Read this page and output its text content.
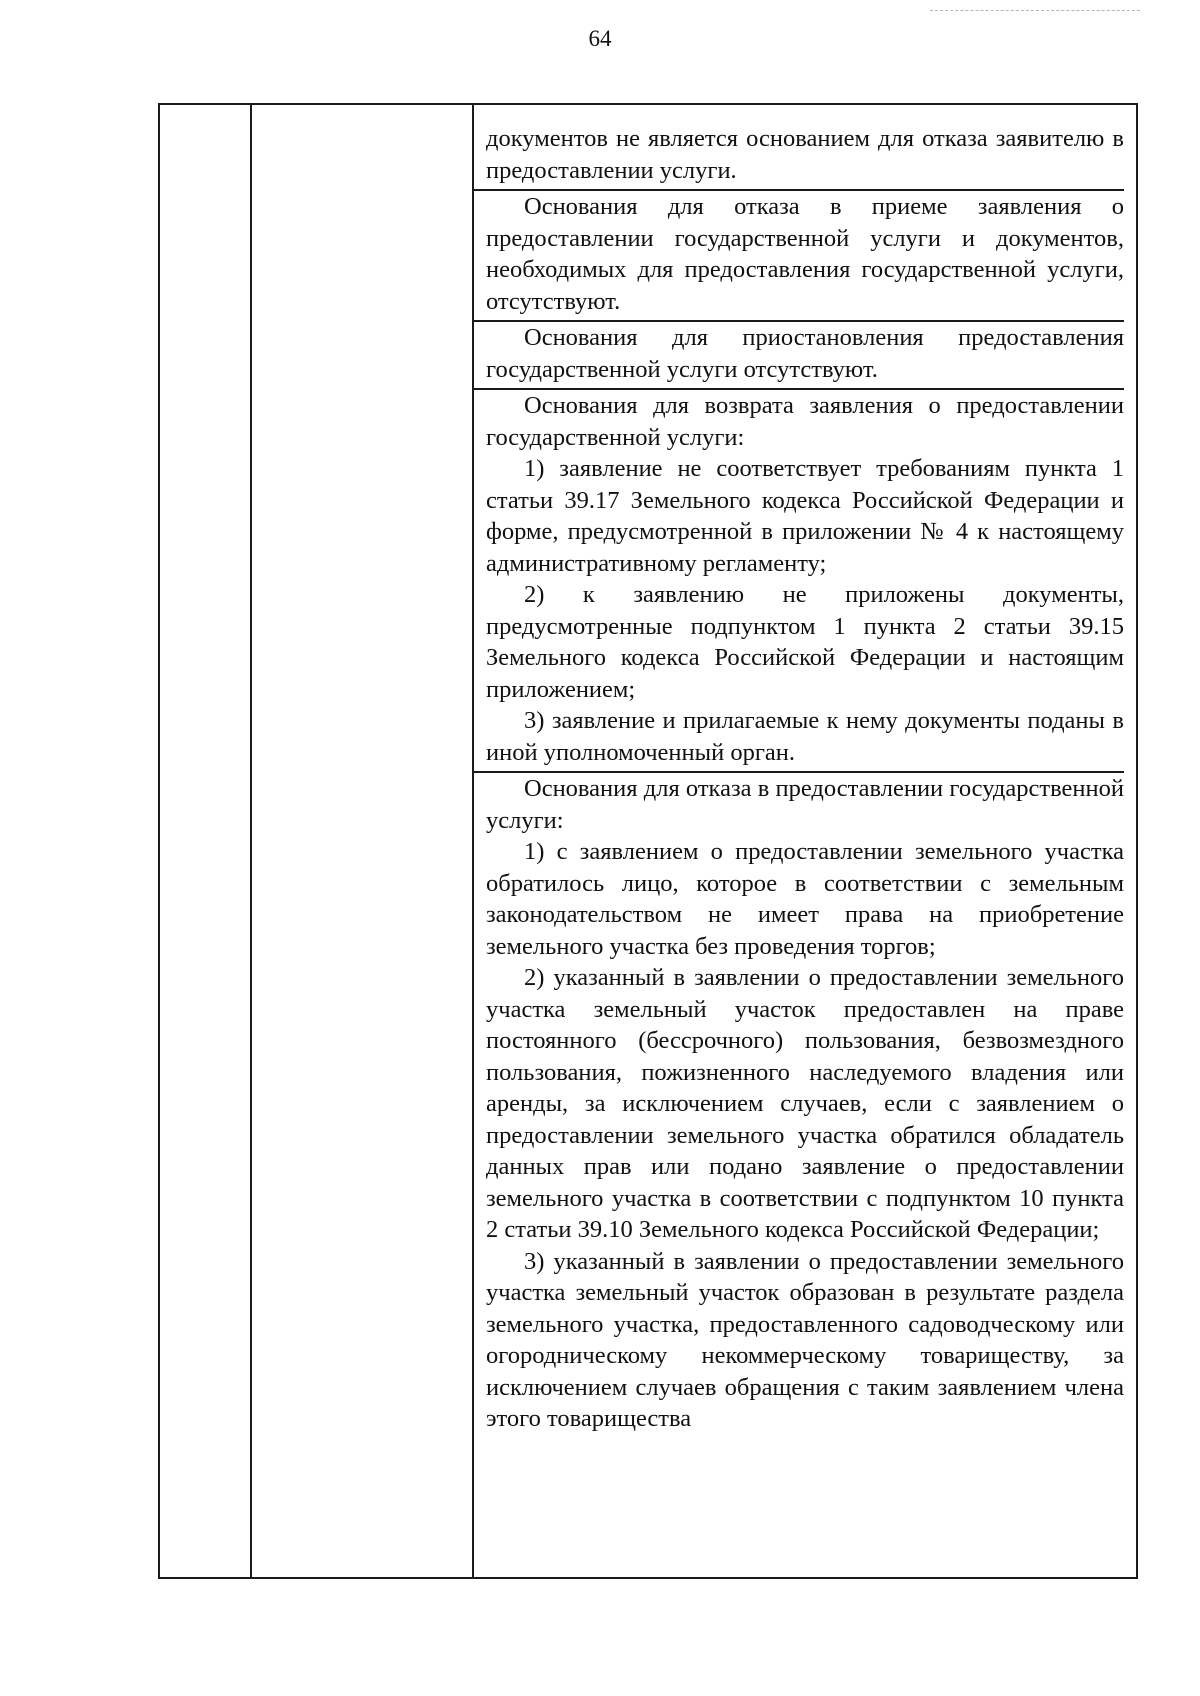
64

документов не является основанием для отказа заявителю в предоставлении услуги.

Основания для отказа в приеме заявления о предоставлении государственной услуги и документов, необходимых для предоставления государственной услуги, отсутствуют.

Основания для приостановления предоставления государственной услуги отсутствуют.

Основания для возврата заявления о предоставлении государственной услуги:

1) заявление не соответствует требованиям пункта 1 статьи 39.17 Земельного кодекса Российской Федерации и форме, предусмотренной в приложении № 4 к настоящему административному регламенту;

2) к заявлению не приложены документы, предусмотренные подпунктом 1 пункта 2 статьи 39.15 Земельного кодекса Российской Федерации и настоящим приложением;

3) заявление и прилагаемые к нему документы поданы в иной уполномоченный орган.

Основания для отказа в предоставлении государственной услуги:

1) с заявлением о предоставлении земельного участка обратилось лицо, которое в соответствии с земельным законодательством не имеет права на приобретение земельного участка без проведения торгов;

2) указанный в заявлении о предоставлении земельного участка земельный участок предоставлен на праве постоянного (бессрочного) пользования, безвозмездного пользования, пожизненного наследуемого владения или аренды, за исключением случаев, если с заявлением о предоставлении земельного участка обратился обладатель данных прав или подано заявление о предоставлении земельного участка в соответствии с подпунктом 10 пункта 2 статьи 39.10 Земельного кодекса Российской Федерации;

3) указанный в заявлении о предоставлении земельного участка земельный участок образован в результате раздела земельного участка, предоставленного садоводческому или огородническому некоммерческому товариществу, за исключением случаев обращения с таким заявлением члена этого товарищества
